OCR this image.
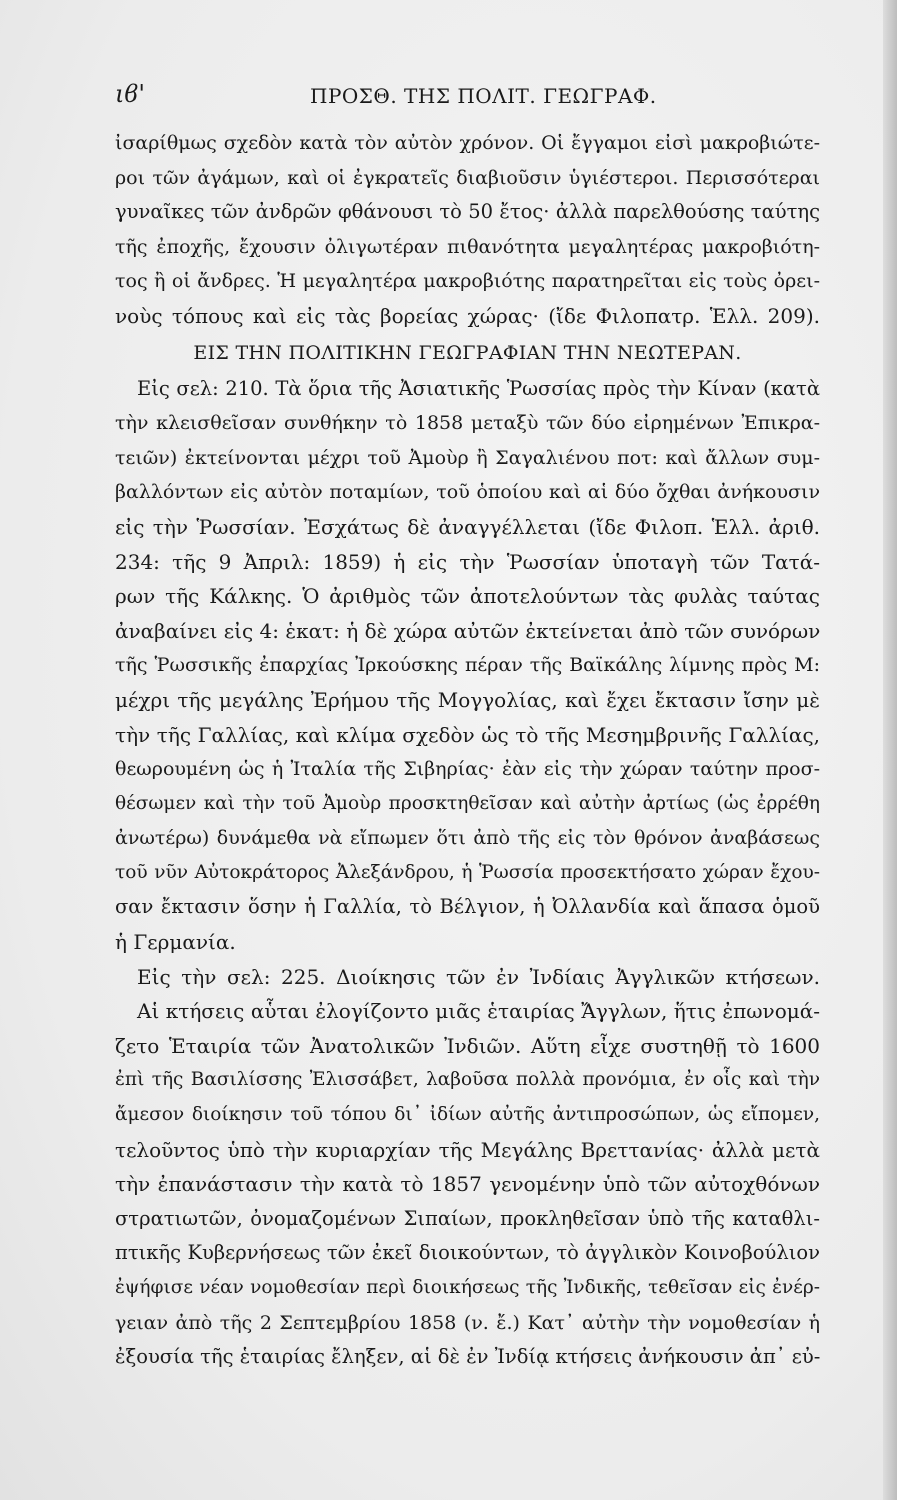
ιϐ'	ΠΡΟΣΘ. ΤΗΣ ΠΟΛΙΤ. ΓΕΩΓΡΑΦ.
ἰσαρίθμως σχεδὸν κατὰ τὸν αὐτὸν χρόνον. Οἱ ἔγγαμοι εἰσὶ μακροβιώτε-
ροι τῶν ἀγάμων, καὶ οἱ ἐγκρατεῖς διαβιοῦσιν ὑγιέστεροι. Περισσότεραι
γυναῖκες τῶν ἀνδρῶν φθάνουσι τὸ 50 ἔτος· ἀλλὰ παρελθούσης ταύτης
τῆς ἐποχῆς, ἔχουσιν ὀλιγωτέραν πιθανότητα μεγαλητέρας μακροβιότη-
τος ἢ οἱ ἄνδρες. Ἡ μεγαλητέρα μακροβιότης παρατηρεῖται εἰς τοὺς ὀρει-
νοὺς τόπους καὶ εἰς τὰς βορείας χώρας· (ἴδε Φιλοπατρ. Ἑλλ. 209).
ΕΙΣ ΤΗΝ ΠΟΛΙΤΙΚΗΝ ΓΕΩΓΡΑΦΙΑΝ ΤΗΝ ΝΕΩΤΕΡΑΝ.
Εἰς σελ: 210. Τὰ ὅρια τῆς Ἀσιατικῆς Ῥωσσίας πρὸς τὴν Κίναν (κατὰ
τὴν κλεισθεῖσαν συνθήκην τὸ 1858 μεταξὺ τῶν δύο εἰρημένων Ἐπικρα-
τειῶν) ἐκτείνονται μέχρι τοῦ Ἀμοὺρ ἢ Σαγαλιένου ποτ: καὶ ἄλλων συμ-
βαλλόντων εἰς αὐτὸν ποταμίων, τοῦ ὁποίου καὶ αἱ δύο ὄχθαι ἀνήκουσιν
εἰς τὴν Ῥωσσίαν. Ἐσχάτως δὲ ἀναγγέλλεται (ἴδε Φιλοπ. Ἑλλ. ἀριθ.
234: τῆς 9 Ἀπριλ: 1859) ἡ εἰς τὴν Ῥωσσίαν ὑποταγὴ τῶν Τατά-
ρων τῆς Κάλκης. Ὁ ἀριθμὸς τῶν ἀποτελούντων τὰς φυλὰς ταύτας
ἀναβαίνει εἰς 4: ἑκατ: ἡ δὲ χώρα αὐτῶν ἐκτείνεται ἀπὸ τῶν συνόρων
τῆς Ῥωσσικῆς ἐπαρχίας Ἰρκούσκης πέραν τῆς Βαϊκάλης λίμνης πρὸς Μ:
μέχρι τῆς μεγάλης Ἐρήμου τῆς Μογγολίας, καὶ ἔχει ἔκτασιν ἴσην μὲ
τὴν τῆς Γαλλίας, καὶ κλίμα σχεδὸν ὡς τὸ τῆς Μεσημβρινῆς Γαλλίας,
θεωρουμένη ὡς ἡ Ἰταλία τῆς Σιβηρίας· ἐὰν εἰς τὴν χώραν ταύτην προσ-
θέσωμεν καὶ τὴν τοῦ Ἀμοὺρ προσκτηθεῖσαν καὶ αὐτὴν ἀρτίως (ὡς ἐρρέθη
ἀνωτέρω) δυνάμεθα νὰ εἴπωμεν ὅτι ἀπὸ τῆς εἰς τὸν θρόνον ἀναβάσεως
τοῦ νῦν Αὐτοκράτορος Ἀλεξάνδρου, ἡ Ῥωσσία προσεκτήσατο χώραν ἔχου-
σαν ἔκτασιν ὅσην ἡ Γαλλία, τὸ Βέλγιον, ἡ Ὀλλανδία καὶ ἅπασα ὁμοῦ
ἡ Γερμανία.
Εἰς τὴν σελ: 225. Διοίκησις τῶν ἐν Ἰνδίαις Ἀγγλικῶν κτήσεων.
Αἱ κτήσεις αὗται ἐλογίζοντο μιᾶς ἑταιρίας Ἄγγλων, ἥτις ἐπωνομά-
ζετο Ἑταιρία τῶν Ἀνατολικῶν Ἰνδιῶν. Αὕτη εἶχε συστηθῇ τὸ 1600
ἐπὶ τῆς Βασιλίσσης Ἐλισσάβετ, λαβοῦσα πολλὰ προνόμια, ἐν οἷς καὶ τὴν
ἄμεσον διοίκησιν τοῦ τόπου δι᾽ ἰδίων αὐτῆς ἀντιπροσώπων, ὡς εἴπομεν,
τελοῦντος ὑπὸ τὴν κυριαρχίαν τῆς Μεγάλης Βρεττανίας· ἀλλὰ μετὰ
τὴν ἐπανάστασιν τὴν κατὰ τὸ 1857 γενομένην ὑπὸ τῶν αὐτοχθόνων
στρατιωτῶν, ὀνομαζομένων Σιπαίων, προκληθεῖσαν ὑπὸ τῆς καταθλι-
πτικῆς Κυβερνήσεως τῶν ἐκεῖ διοικούντων, τὸ ἀγγλικὸν Κοινοβούλιον
ἐψήφισε νέαν νομοθεσίαν περὶ διοικήσεως τῆς Ἰνδικῆς, τεθεῖσαν εἰς ἐνέρ-
γειαν ἀπὸ τῆς 2 Σεπτεμβρίου 1858 (ν. ἔ.) Κατ᾽ αὐτὴν τὴν νομοθεσίαν ἡ
ἐξουσία τῆς ἑταιρίας ἔληξεν, αἱ δὲ ἐν Ἰνδίᾳ κτήσεις ἀνήκουσιν ἀπ᾽ εὐ-
